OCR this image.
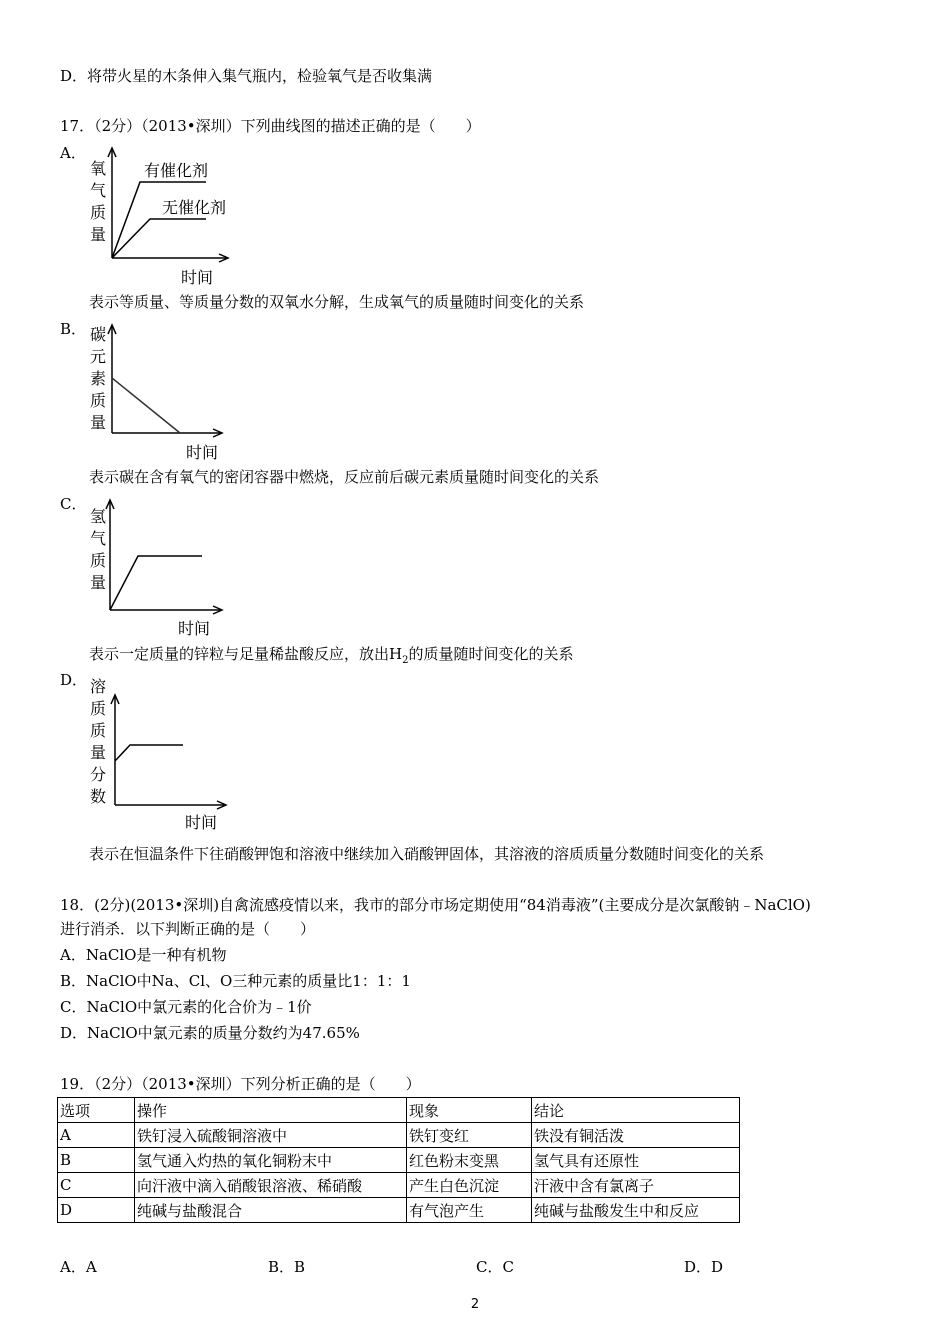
D．将带火星的木条伸入集气瓶内，检验氧气是否收集满
17．（2分）（2013•深圳）下列曲线图的描述正确的是（　　）
A．
氧
气
质
量
有催化剂
无催化剂
时间
表示等质量、等质量分数的双氧水分解，生成氧气的质量随时间变化的关系
B． 碳
元
素
质
量
时间
表示碳在含有氧气的密闭容器中燃烧，反应前后碳元素质量随时间变化的关系
C．
氢
气
质
量
时间
表示一定质量的锌粒与足量稀盐酸反应，放出$H_2$的质量随时间变化的关系
D． 溶
质
质
量
分
数
时间
表示在恒温条件下往硝酸钾饱和溶液中继续加入硝酸钾固体，其溶液的溶质质量分数随时间变化的关系
18．(2分)(2013•深圳)自禽流感疫情以来，我市的部分市场定期使用“84消毒液”(主要成分是次氯酸钠﹣NaClO)
进行消杀．以下判断正确的是（　　）
A．NaClO是一种有机物
B．NaClO中Na、Cl、O三种元素的质量比1：1：1
C．NaClO中氯元素的化合价为﹣1价
D．NaClO中氯元素的质量分数约为47.65%
19．（2分）（2013•深圳）下列分析正确的是（　　）
选项	操作	现象	结论
A	铁钉浸入硫酸铜溶液中	铁钉变红	铁没有铜活泼
B	氢气通入灼热的氧化铜粉末中	红色粉末变黑	氢气具有还原性
C	向汗液中滴入硝酸银溶液、稀硝酸	产生白色沉淀	汗液中含有氯离子
D	纯碱与盐酸混合	有气泡产生	纯碱与盐酸发生中和反应
A．A	B．B	C．C	D．D
2
